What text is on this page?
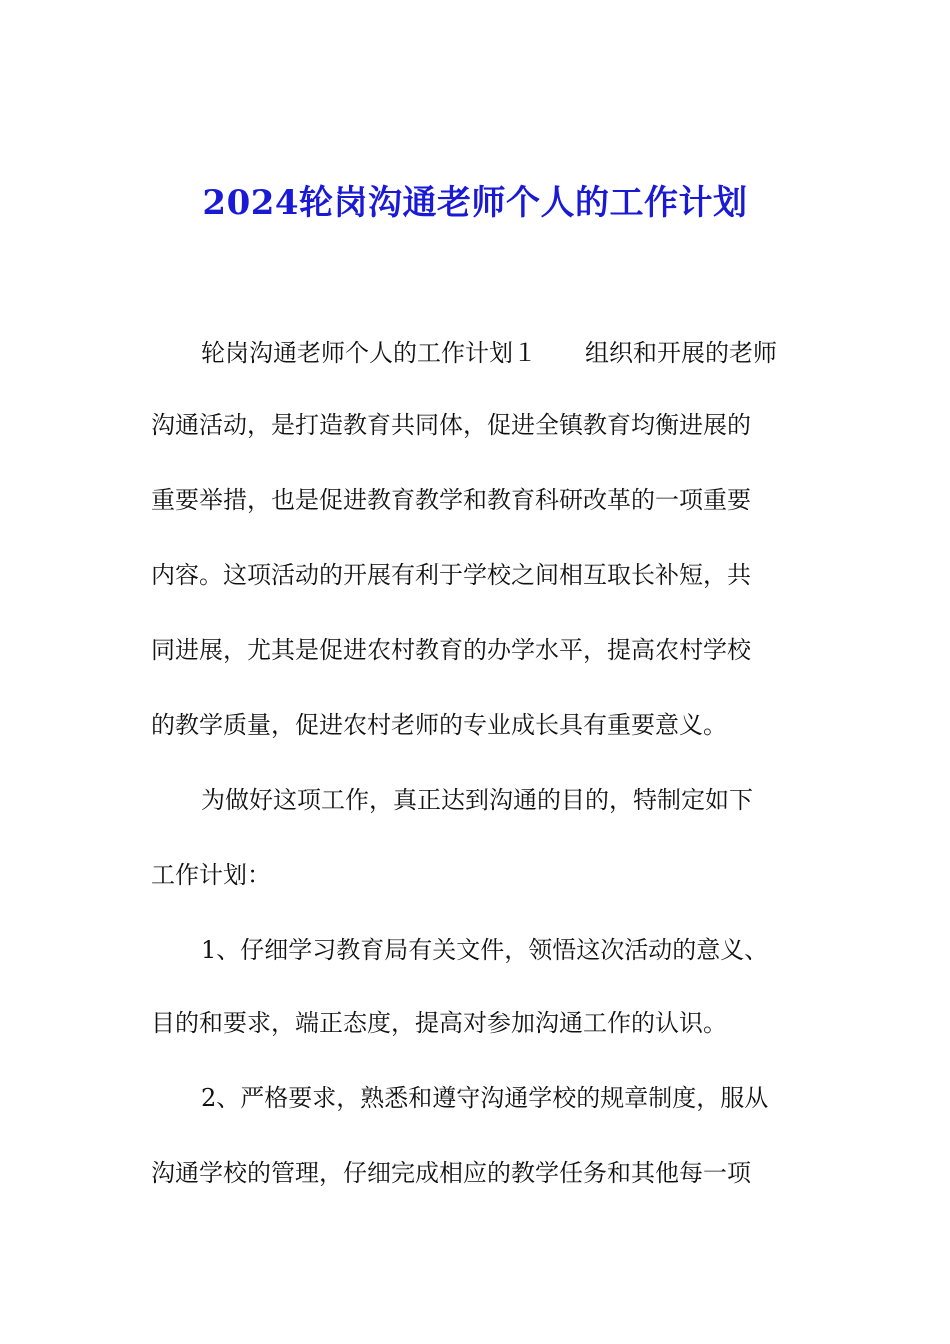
2024轮岗沟通老师个人的工作计划
轮岗沟通老师个人的工作计划１　　组织和开展的老师
沟通活动，是打造教育共同体，促进全镇教育均衡进展的
重要举措，也是促进教育教学和教育科研改革的一项重要
内容。这项活动的开展有利于学校之间相互取长补短，共
同进展，尤其是促进农村教育的办学水平，提高农村学校
的教学质量，促进农村老师的专业成长具有重要意义。
为做好这项工作，真正达到沟通的目的，特制定如下
工作计划：
1、仔细学习教育局有关文件，领悟这次活动的意义、
目的和要求，端正态度，提高对参加沟通工作的认识。
2、严格要求，熟悉和遵守沟通学校的规章制度，服从
沟通学校的管理，仔细完成相应的教学任务和其他每一项
